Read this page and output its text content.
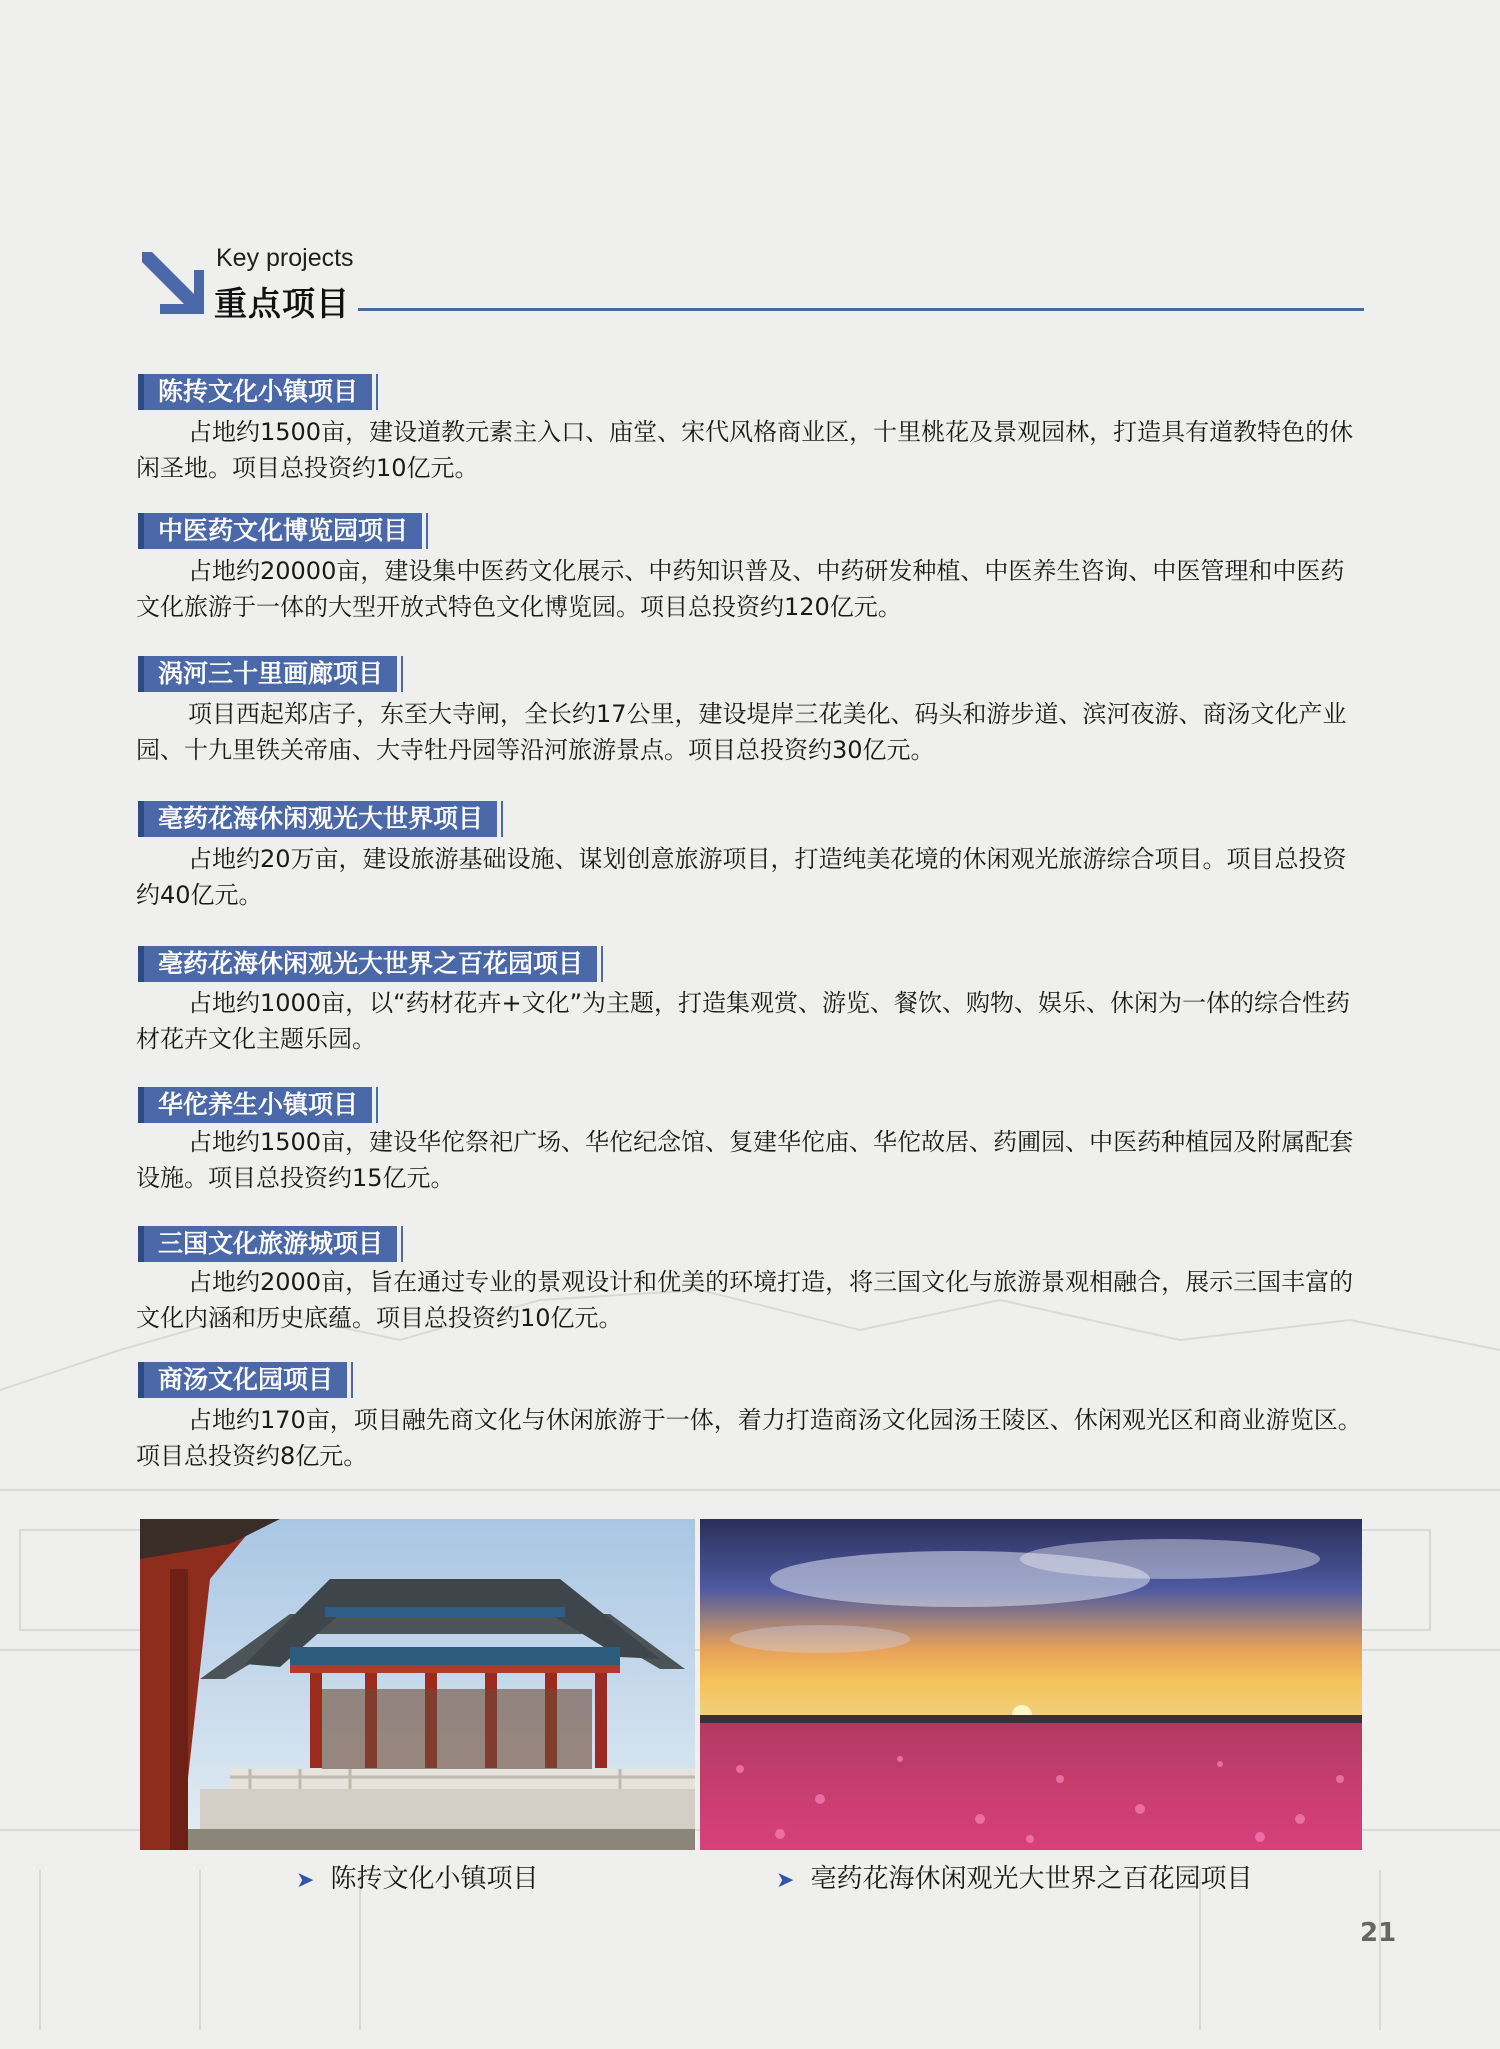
Key projects
重点项目
陈抟文化小镇项目
占地约1500亩，建设道教元素主入口、庙堂、宋代风格商业区，十里桃花及景观园林，打造具有道教特色的休闲圣地。项目总投资约10亿元。
中医药文化博览园项目
占地约20000亩，建设集中医药文化展示、中药知识普及、中药研发种植、中医养生咨询、中医管理和中医药文化旅游于一体的大型开放式特色文化博览园。项目总投资约120亿元。
涡河三十里画廊项目
项目西起郑店子，东至大寺闸，全长约17公里，建设堤岸三花美化、码头和游步道、滨河夜游、商汤文化产业园、十九里铁关帝庙、大寺牡丹园等沿河旅游景点。项目总投资约30亿元。
亳药花海休闲观光大世界项目
占地约20万亩，建设旅游基础设施、谋划创意旅游项目，打造纯美花境的休闲观光旅游综合项目。项目总投资约40亿元。
亳药花海休闲观光大世界之百花园项目
占地约1000亩，以“药材花卉+文化”为主题，打造集观赏、游览、餐饮、购物、娱乐、休闲为一体的综合性药材花卉文化主题乐园。
华佗养生小镇项目
占地约1500亩，建设华佗祭祀广场、华佗纪念馆、复建华佗庙、华佗故居、药圃园、中医药种植园及附属配套设施。项目总投资约15亿元。
三国文化旅游城项目
占地约2000亩，旨在通过专业的景观设计和优美的环境打造，将三国文化与旅游景观相融合，展示三国丰富的文化内涵和历史底蕴。项目总投资约10亿元。
商汤文化园项目
占地约170亩，项目融先商文化与休闲旅游于一体，着力打造商汤文化园汤王陵区、休闲观光区和商业游览区。项目总投资约8亿元。
➤ 陈抟文化小镇项目	➤ 亳药花海休闲观光大世界之百花园项目
21
